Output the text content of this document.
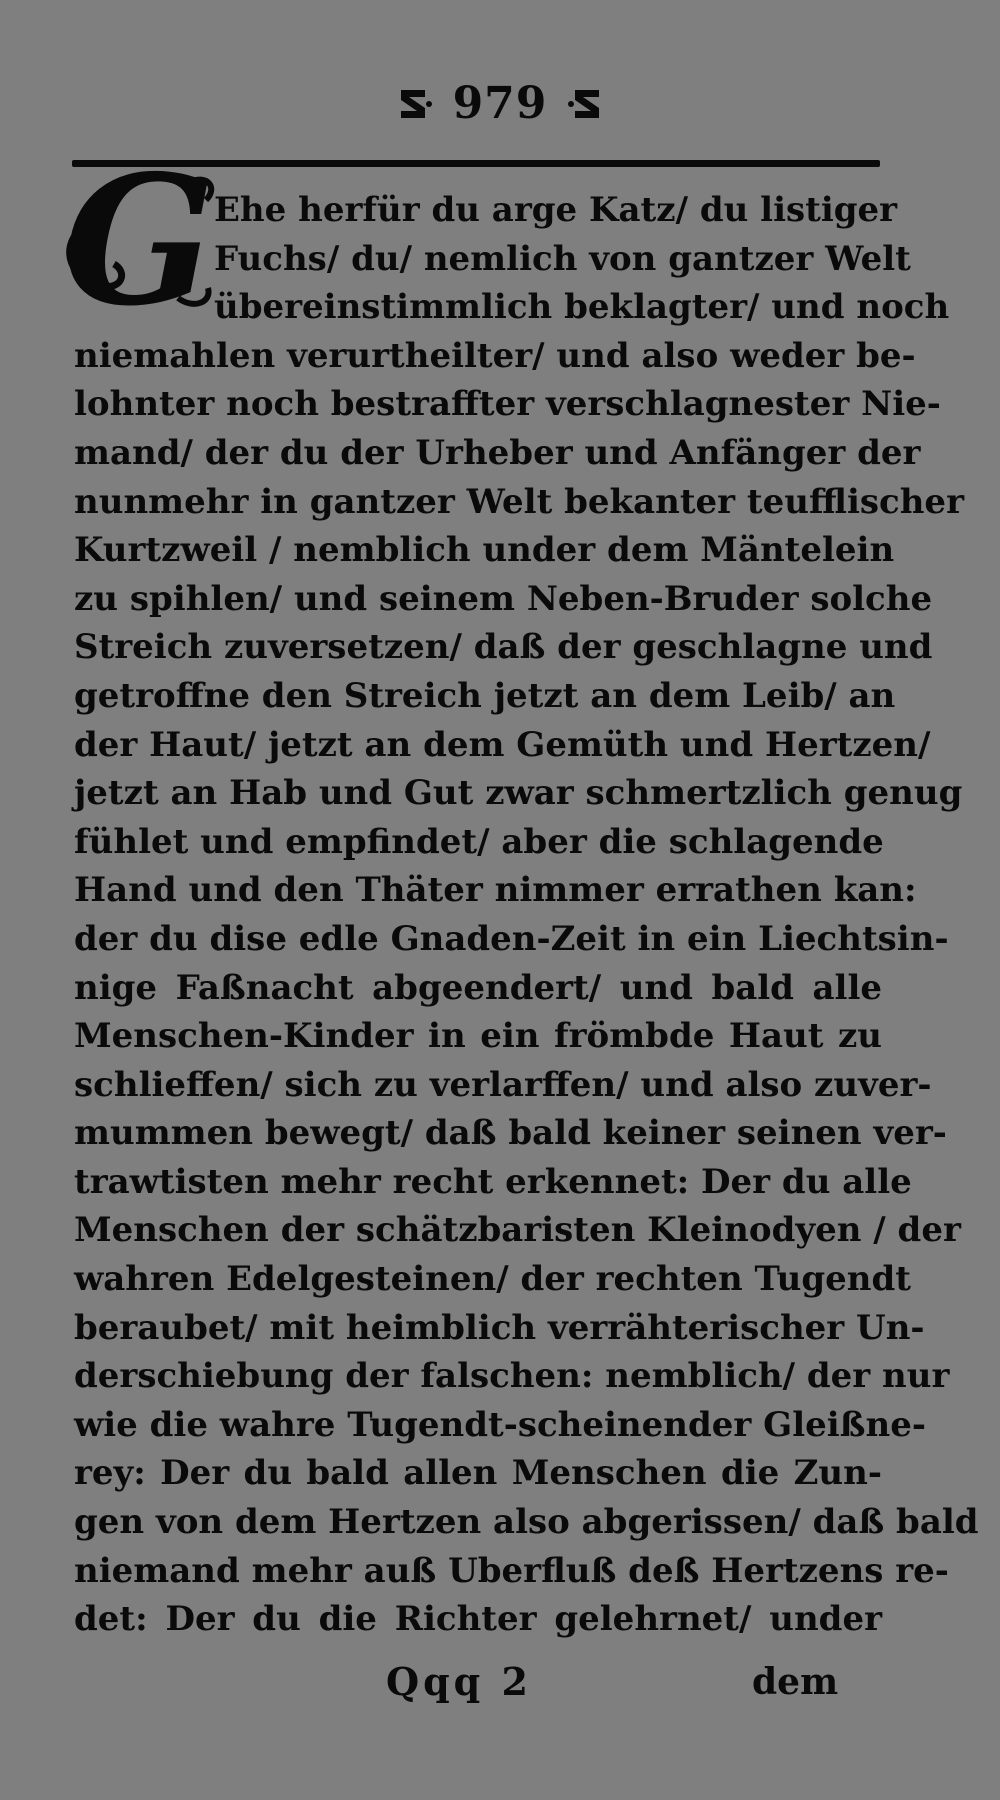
979
G Ehe herfür du arge Katz/ du listiger
Fuchs/ du/ nemlich von gantzer Welt
übereinstimmlich beklagter/ und noch
niemahlen verurtheilter/ und also weder be-
lohnter noch bestraffter verschlagnester Nie-
mand/ der du der Urheber und Anfänger der
nunmehr in gantzer Welt bekanter teufflischer
Kurtzweil / nemblich under dem Mäntelein
zu spihlen/ und seinem Neben-Bruder solche
Streich zuversetzen/ daß der geschlagne und
getroffne den Streich jetzt an dem Leib/ an
der Haut/ jetzt an dem Gemüth und Hertzen/
jetzt an Hab und Gut zwar schmertzlich genug
fühlet und empfindet/ aber die schlagende
Hand und den Thäter nimmer errathen kan:
der du dise edle Gnaden-Zeit in ein Liechtsin-
nige Faßnacht abgeendert/ und bald alle
Menschen-Kinder in ein frömbde Haut zu
schlieffen/ sich zu verlarffen/ und also zuver-
mummen bewegt/ daß bald keiner seinen ver-
trawtisten mehr recht erkennet: Der du alle
Menschen der schätzbaristen Kleinodyen / der
wahren Edelgesteinen/ der rechten Tugendt
beraubet/ mit heimblich verrähterischer Un-
derschiebung der falschen: nemblich/ der nur
wie die wahre Tugendt-scheinender Gleißne-
rey: Der du bald allen Menschen die Zun-
gen von dem Hertzen also abgerissen/ daß bald
niemand mehr auß Uberfluß deß Hertzens re-
det: Der du die Richter gelehrnet/ under
Qqq 2	dem
